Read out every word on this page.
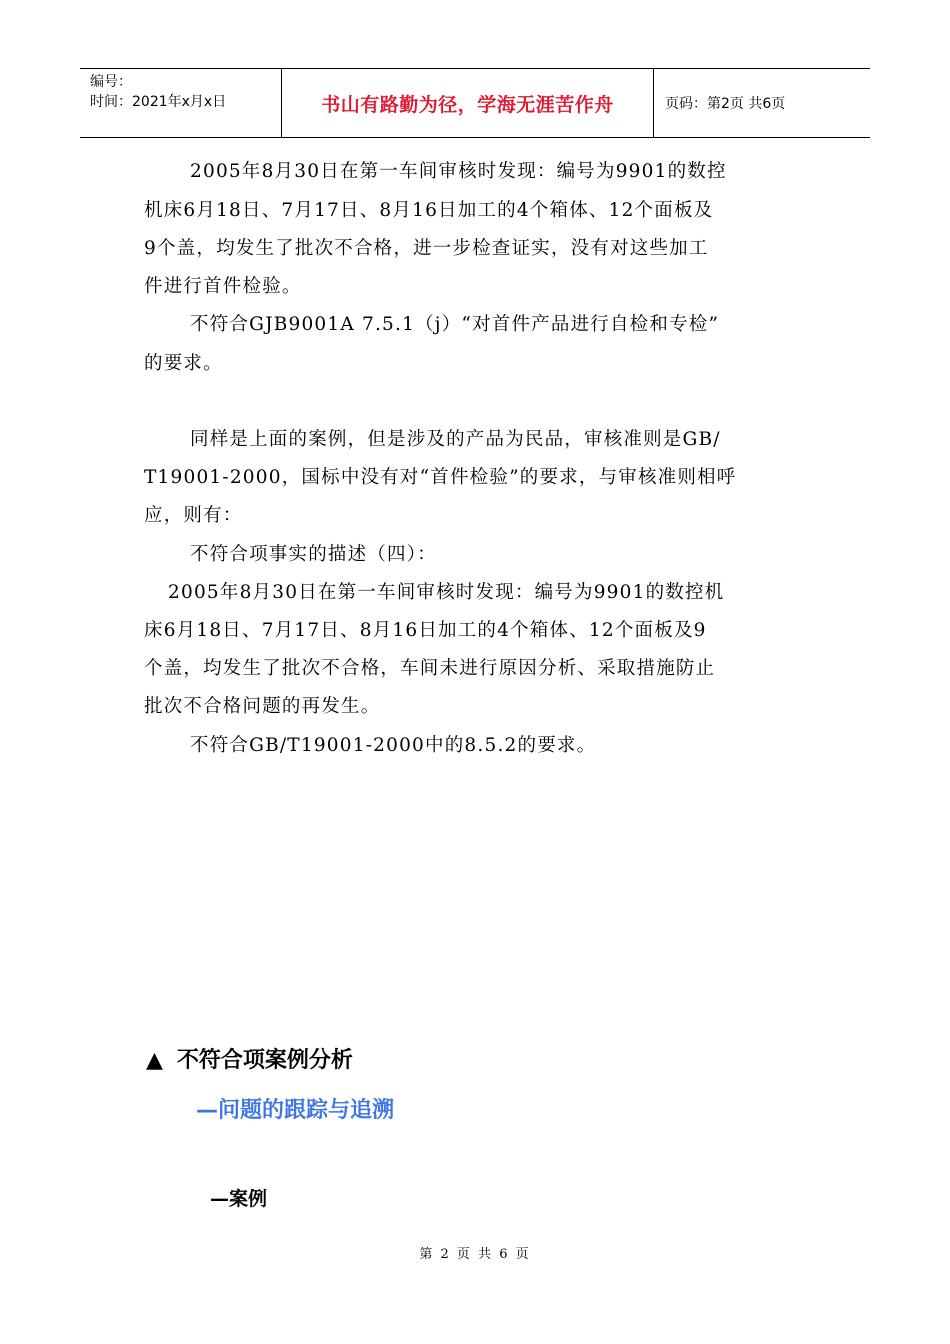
编号：
时间：2021年x月x日	书山有路勤为径，学海无涯苦作舟	页码：第2页 共6页
2005年8月30日在第一车间审核时发现：编号为9901的数控
机床6月18日、7月17日、8月16日加工的4个箱体、12个面板及
9个盖，均发生了批次不合格，进一步检查证实，没有对这些加工
件进行首件检验。
不符合GJB9001A 7.5.1（j）“对首件产品进行自检和专检”
的要求。
同样是上面的案例，但是涉及的产品为民品，审核准则是GB/
T19001-2000，国标中没有对“首件检验”的要求，与审核准则相呼
应，则有：
不符合项事实的描述（四）：
2005年8月30日在第一车间审核时发现：编号为9901的数控机
床6月18日、7月17日、8月16日加工的4个箱体、12个面板及9
个盖，均发生了批次不合格，车间未进行原因分析、采取措施防止
批次不合格问题的再发生。
不符合GB/T19001-2000中的8.5.2的要求。
▲ 不符合项案例分析
—问题的跟踪与追溯
—案例
第 2 页 共 6 页
